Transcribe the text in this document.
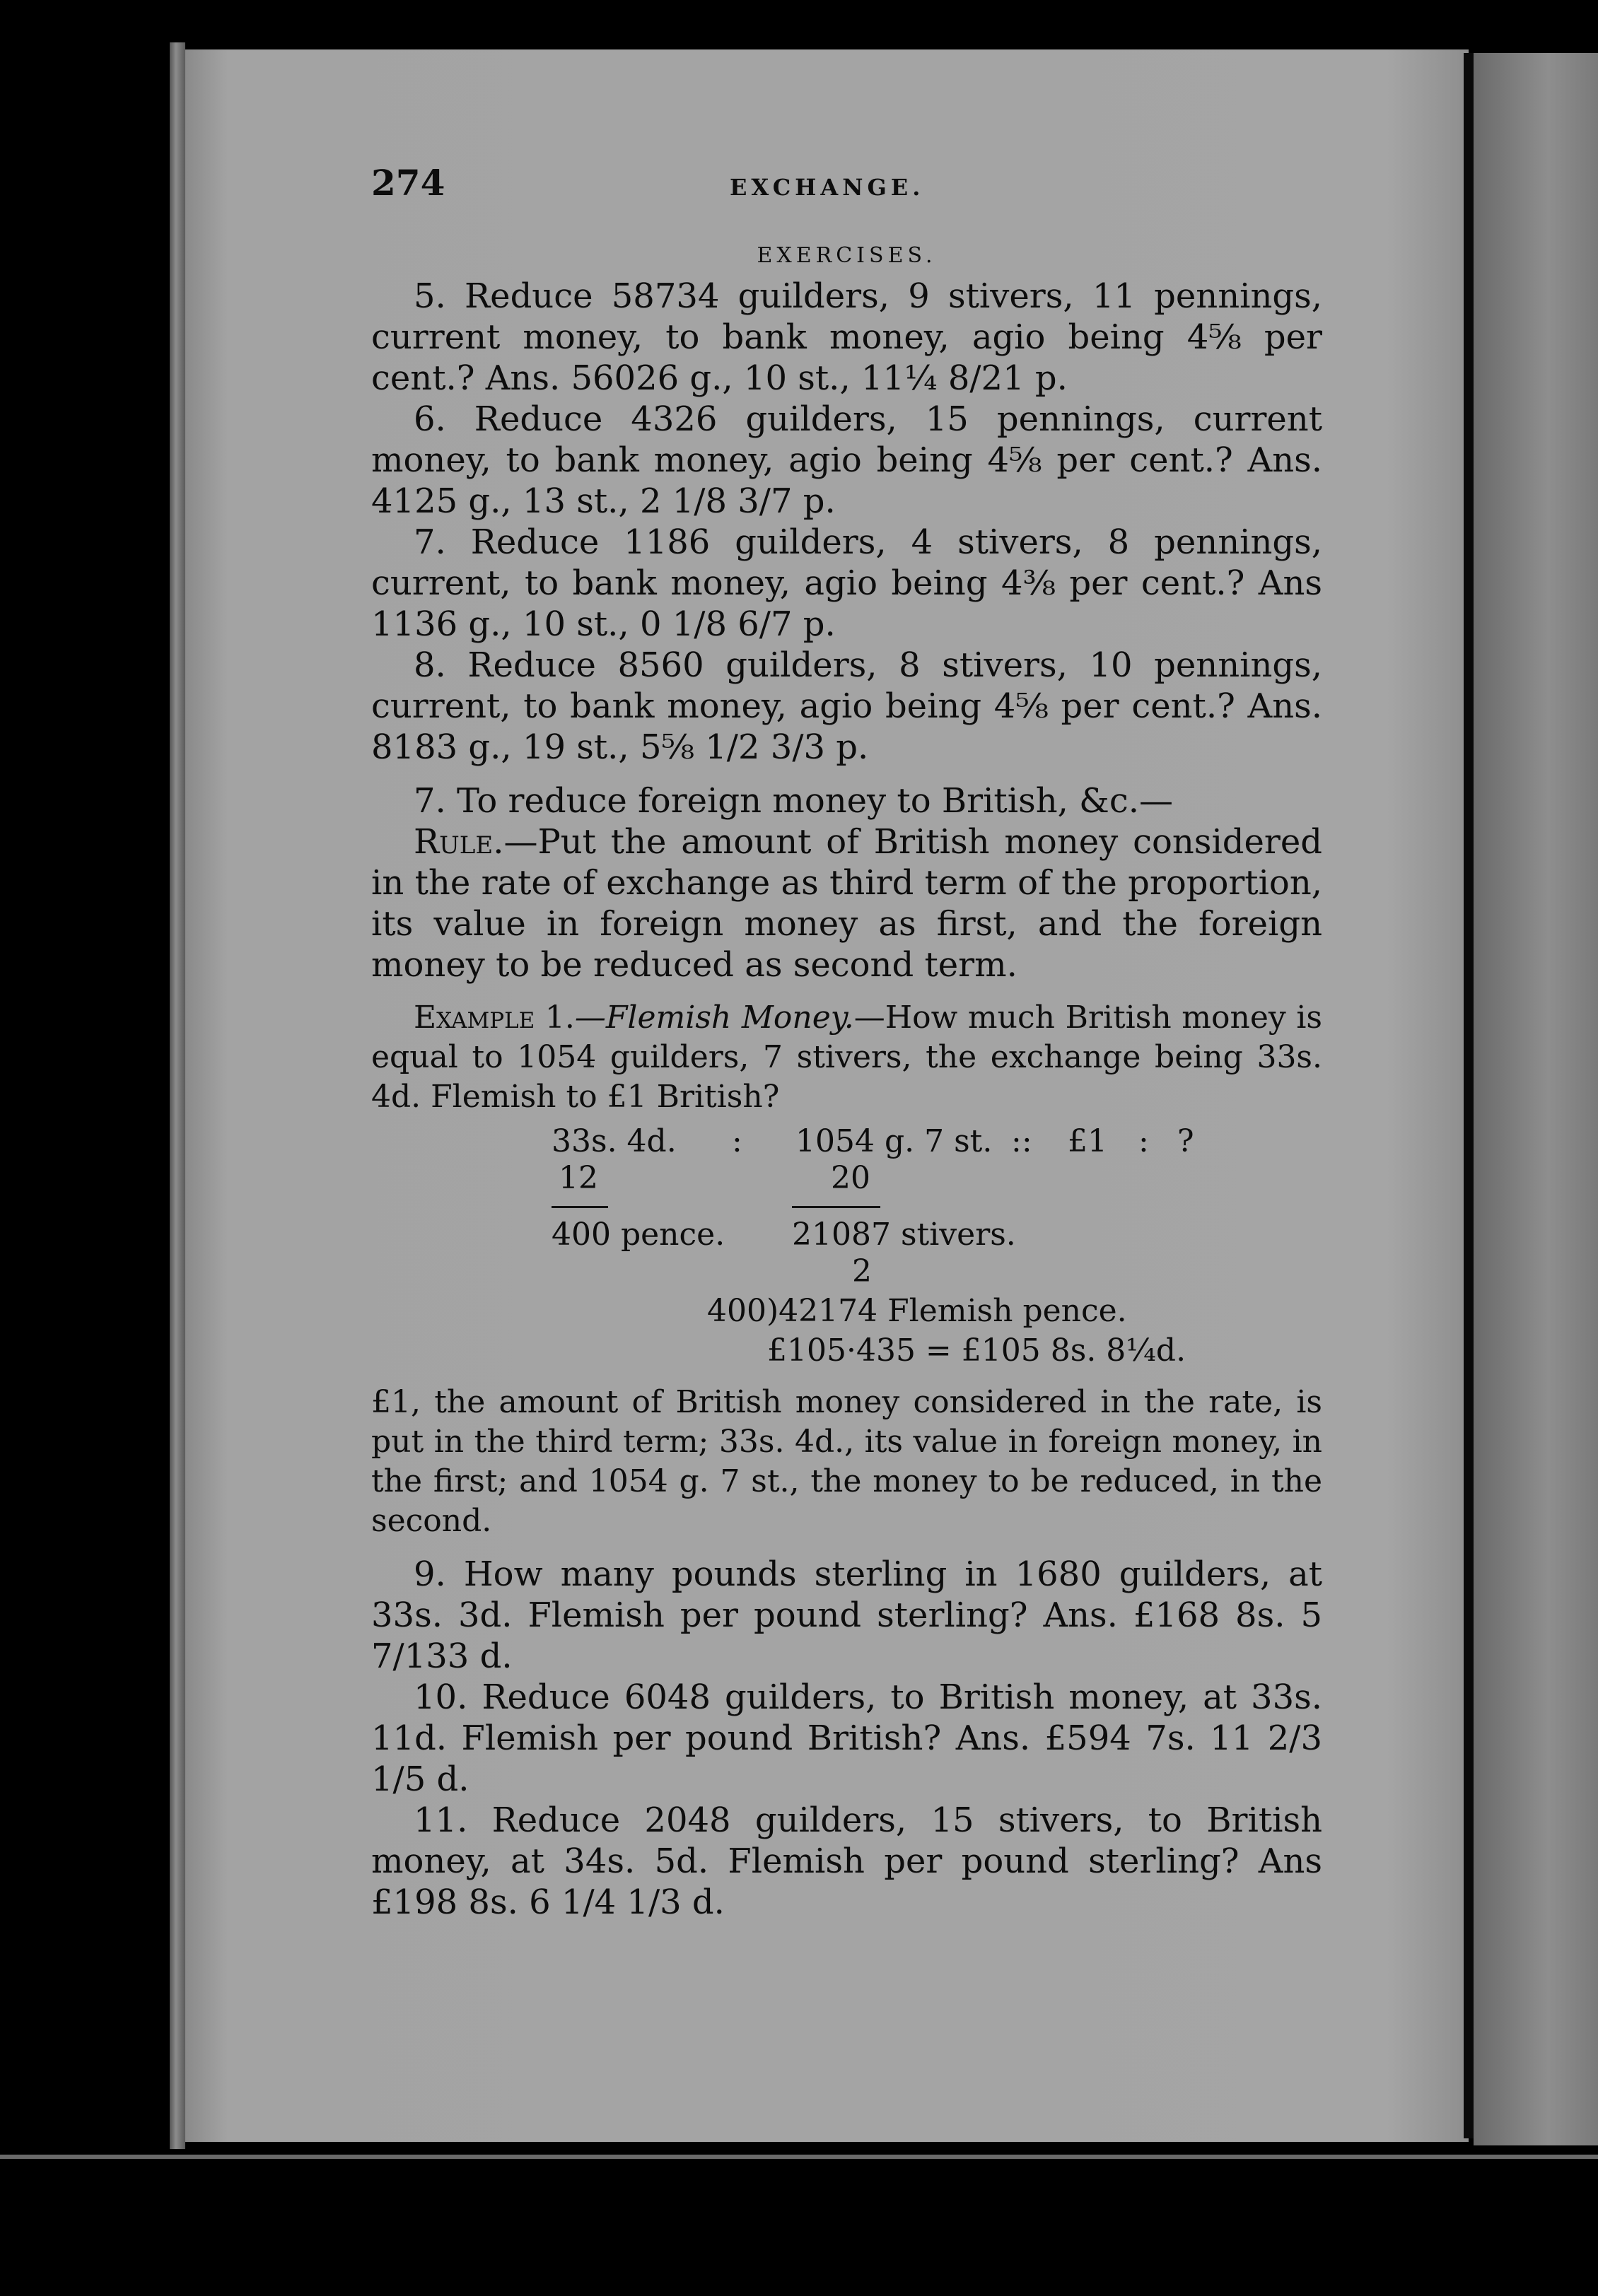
274	EXCHANGE.
EXERCISES.

5. Reduce 58734 guilders, 9 stivers, 11 pennings, current money, to bank money, agio being 4⅝ per cent.? Ans. 56026 g., 10 st., 11¼ 8/21 p.

6. Reduce 4326 guilders, 15 pennings, current money, to bank money, agio being 4⅝ per cent.? Ans. 4125 g., 13 st., 2 1/8 3/7 p.

7. Reduce 1186 guilders, 4 stivers, 8 pennings, current, to bank money, agio being 4⅜ per cent.? Ans 1136 g., 10 st., 0 1/8 6/7 p.

8. Reduce 8560 guilders, 8 stivers, 10 pennings, current, to bank money, agio being 4⅝ per cent.? Ans. 8183 g., 19 st., 5⅝ 1/2 3/3 p.

7. To reduce foreign money to British, &c.—

Rule.—Put the amount of British money considered in the rate of exchange as third term of the proportion, its value in foreign money as first, and the foreign money to be reduced as second term.

Example 1.—Flemish Money.—How much British money is equal to 1054 guilders, 7 stivers, the exchange being 33s. 4d. Flemish to £1 British?

33s. 4d. : 1054 g. 7 st. :: £1 : ?
12	20
400 pence. 21087 stivers.
2
400)42174 Flemish pence.
£105·435 = £105 8s. 8¼d.

£1, the amount of British money considered in the rate, is put in the third term; 33s. 4d., its value in foreign money, in the first; and 1054 g. 7 st., the money to be reduced, in the second.

9. How many pounds sterling in 1680 guilders, at 33s. 3d. Flemish per pound sterling? Ans. £168 8s. 5 7/133 d.

10. Reduce 6048 guilders, to British money, at 33s. 11d. Flemish per pound British? Ans. £594 7s. 11 2/3 1/5 d.

11. Reduce 2048 guilders, 15 stivers, to British money, at 34s. 5d. Flemish per pound sterling? Ans £198 8s. 6 1/4 1/3 d.
